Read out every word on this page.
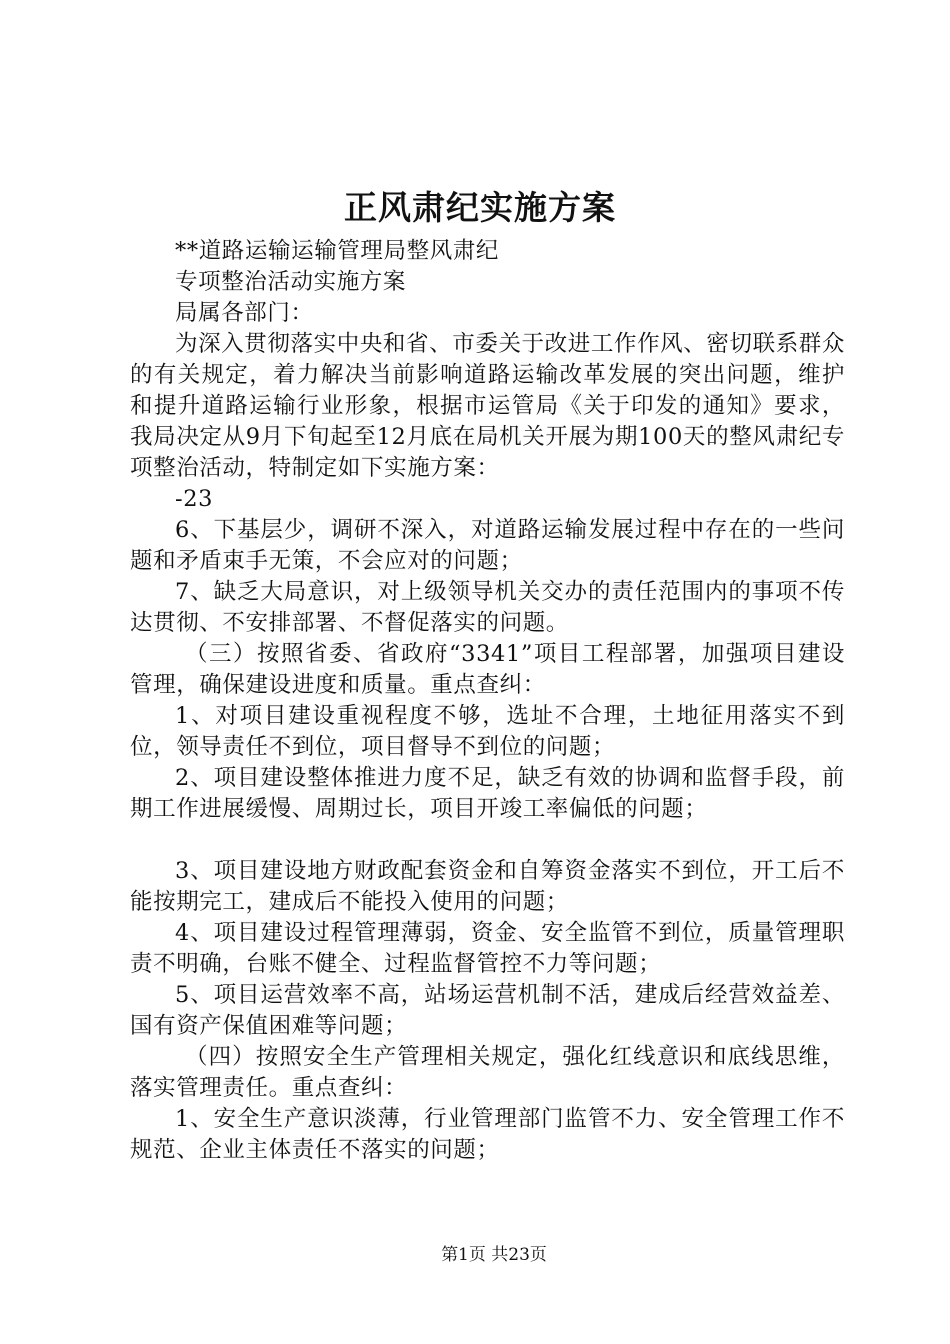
正风肃纪实施方案

**道路运输运输管理局整风肃纪

专项整治活动实施方案

局属各部门：

为深入贯彻落实中央和省、市委关于改进工作作风、密切联系群众的有关规定，着力解决当前影响道路运输改革发展的突出问题，维护和提升道路运输行业形象，根据市运管局《关于印发的通知》要求，我局决定从9月下旬起至12月底在局机关开展为期100天的整风肃纪专项整治活动，特制定如下实施方案：

-23

6、下基层少，调研不深入，对道路运输发展过程中存在的一些问题和矛盾束手无策，不会应对的问题；

7、缺乏大局意识，对上级领导机关交办的责任范围内的事项不传达贯彻、不安排部署、不督促落实的问题。

（三）按照省委、省政府“3341”项目工程部署，加强项目建设管理，确保建设进度和质量。重点查纠：

1、对项目建设重视程度不够，选址不合理，土地征用落实不到位，领导责任不到位，项目督导不到位的问题；

2、项目建设整体推进力度不足，缺乏有效的协调和监督手段，前期工作进展缓慢、周期过长，项目开竣工率偏低的问题；

3、项目建设地方财政配套资金和自筹资金落实不到位，开工后不能按期完工，建成后不能投入使用的问题；

4、项目建设过程管理薄弱，资金、安全监管不到位，质量管理职责不明确，台账不健全、过程监督管控不力等问题；

5、项目运营效率不高，站场运营机制不活，建成后经营效益差、国有资产保值困难等问题；

（四）按照安全生产管理相关规定，强化红线意识和底线思维，落实管理责任。重点查纠：

1、安全生产意识淡薄，行业管理部门监管不力、安全管理工作不规范、企业主体责任不落实的问题；

第1页 共23页
